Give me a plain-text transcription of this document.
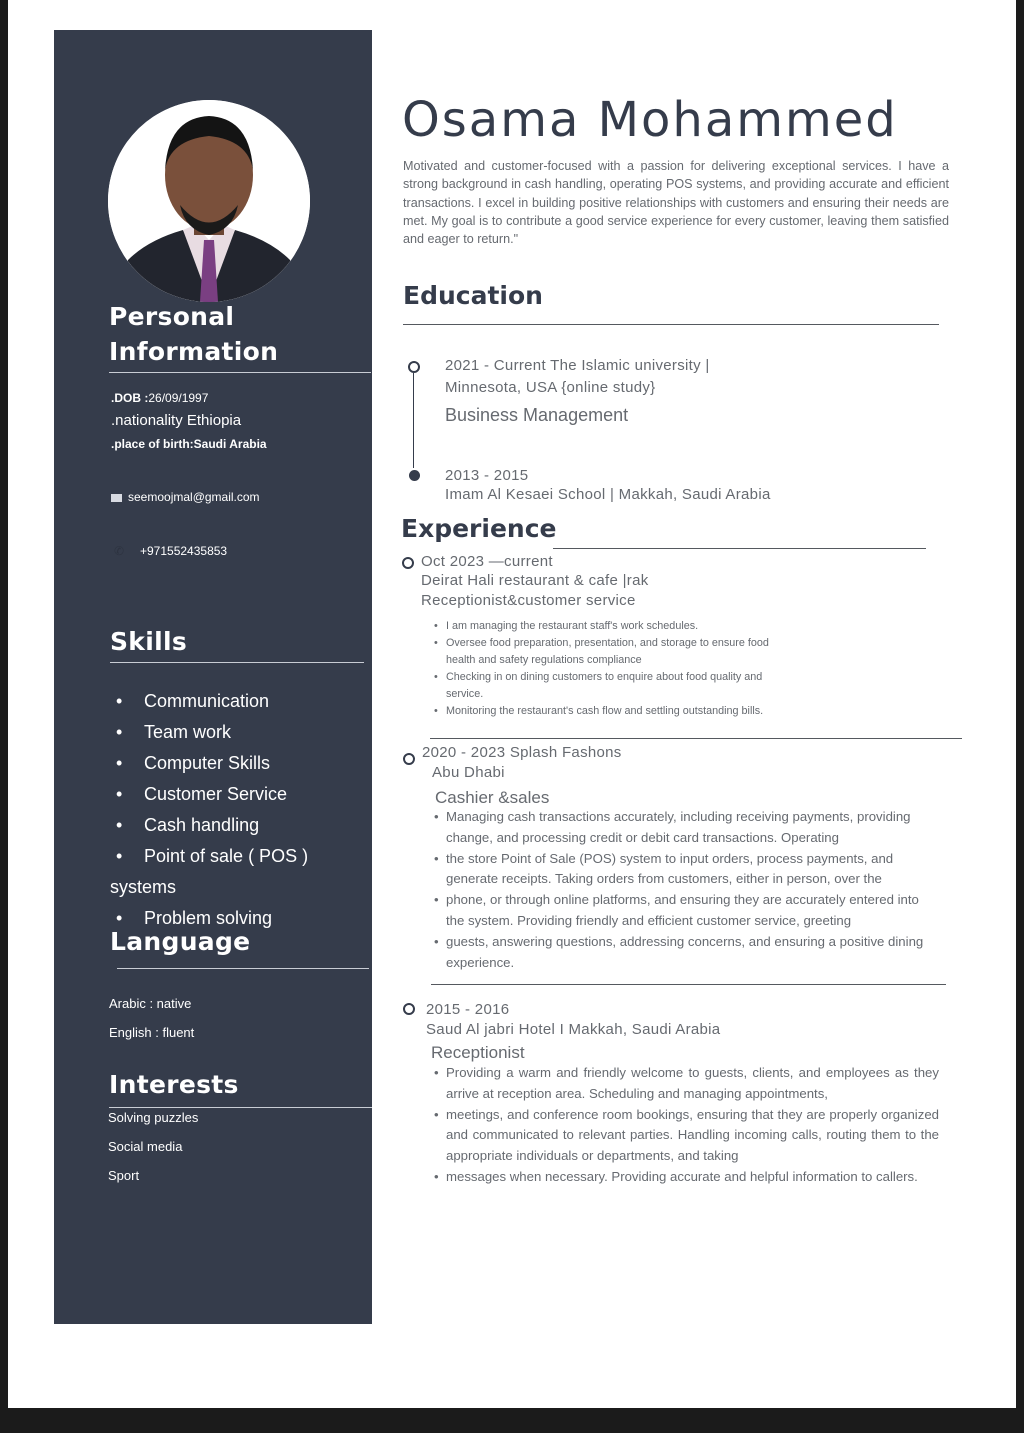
Personal
Information
.DOB :26/09/1997
.nationality Ethiopia
.place of birth:Saudi Arabia
seemoojmal@gmail.com
✆ +971552435853
Skills
• Communication
• Team work
• Computer Skills
• Customer Service
• Cash handling
• Point of sale ( POS ) systems
• Problem solving
Language
Arabic : native
English : fluent
Interests
Solving puzzles
Social media
Sport
Osama Mohammed
Motivated and customer-focused with a passion for delivering exceptional services. I have a strong background in cash handling, operating POS systems, and providing accurate and efficient transactions. I excel in building positive relationships with customers and ensuring their needs are met. My goal is to contribute a good service experience for every customer, leaving them satisfied and eager to return."
Education
2021 - Current The Islamic university |
Minnesota, USA {online study}
Business Management
2013 - 2015
Imam Al Kesaei School | Makkah, Saudi Arabia
Experience
Oct 2023 —current
Deirat Hali restaurant & cafe |rak
Receptionist&customer service
• I am managing the restaurant staff's work schedules.
• Oversee food preparation, presentation, and storage to ensure food health and safety regulations compliance
• Checking in on dining customers to enquire about food quality and service.
• Monitoring the restaurant's cash flow and settling outstanding bills.
2020 - 2023 Splash Fashons
Abu Dhabi
Cashier &sales
• Managing cash transactions accurately, including receiving payments, providing change, and processing credit or debit card transactions. Operating
• the store Point of Sale (POS) system to input orders, process payments, and generate receipts. Taking orders from customers, either in person, over the
• phone, or through online platforms, and ensuring they are accurately entered into the system. Providing friendly and efficient customer service, greeting
• guests, answering questions, addressing concerns, and ensuring a positive dining experience.
2015 - 2016
Saud Al jabri Hotel I Makkah, Saudi Arabia
Receptionist
• Providing a warm and friendly welcome to guests, clients, and employees as they arrive at reception area. Scheduling and managing appointments,
• meetings, and conference room bookings, ensuring that they are properly organized and communicated to relevant parties. Handling incoming calls, routing them to the appropriate individuals or departments, and taking
• messages when necessary. Providing accurate and helpful information to callers.
